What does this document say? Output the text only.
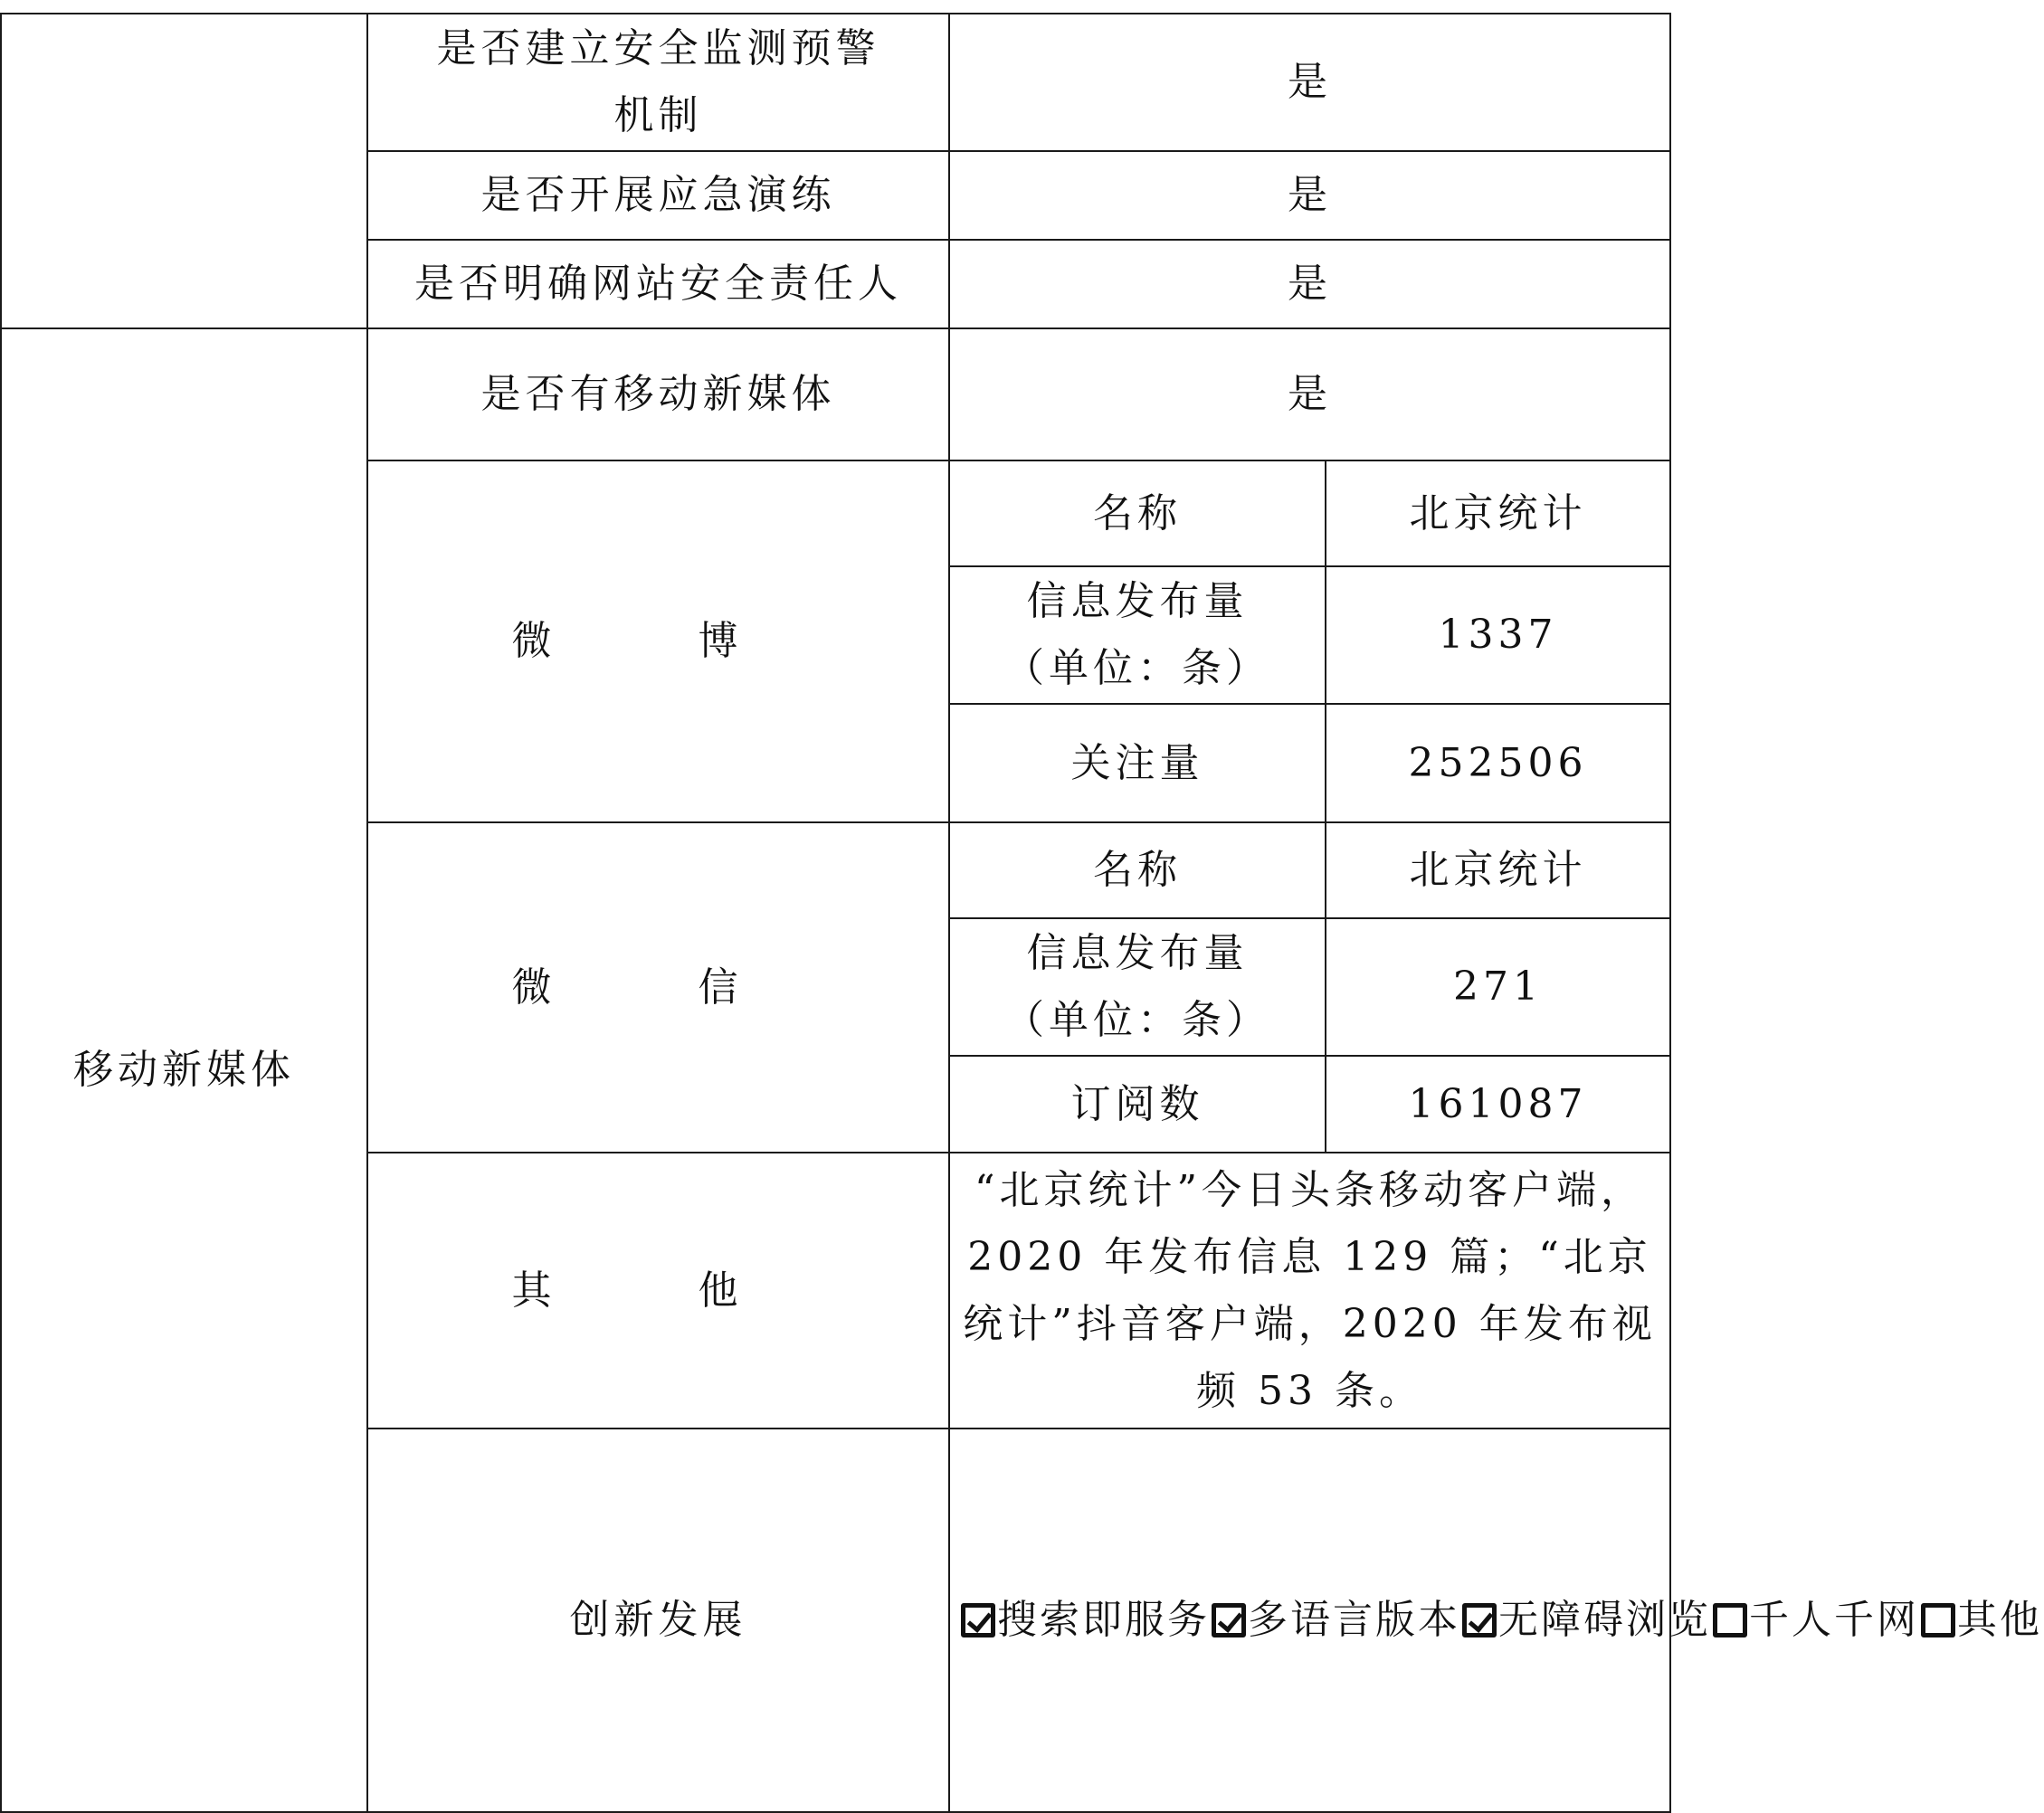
	是否建立安全监测预警
机制	是	
	是否开展应急演练	是	
	是否明确网站安全责任人	是	
移动新媒体	是否有移动新媒体	是	
	微 博	名称	北京统计
		信息发布量
（单位：条）	1337
		关注量	252506
	微 信	名称	北京统计
		信息发布量
（单位：条）	271
		订阅数	161087
	其 他	“北京统计”今日头条移动客户端，2020 年发布信息 129 篇；“北京统计”抖音客户端，2020 年发布视频 53 条。	
	创新发展	搜索即服务 多语言版本 无障碍浏览 千人千网 其他	
